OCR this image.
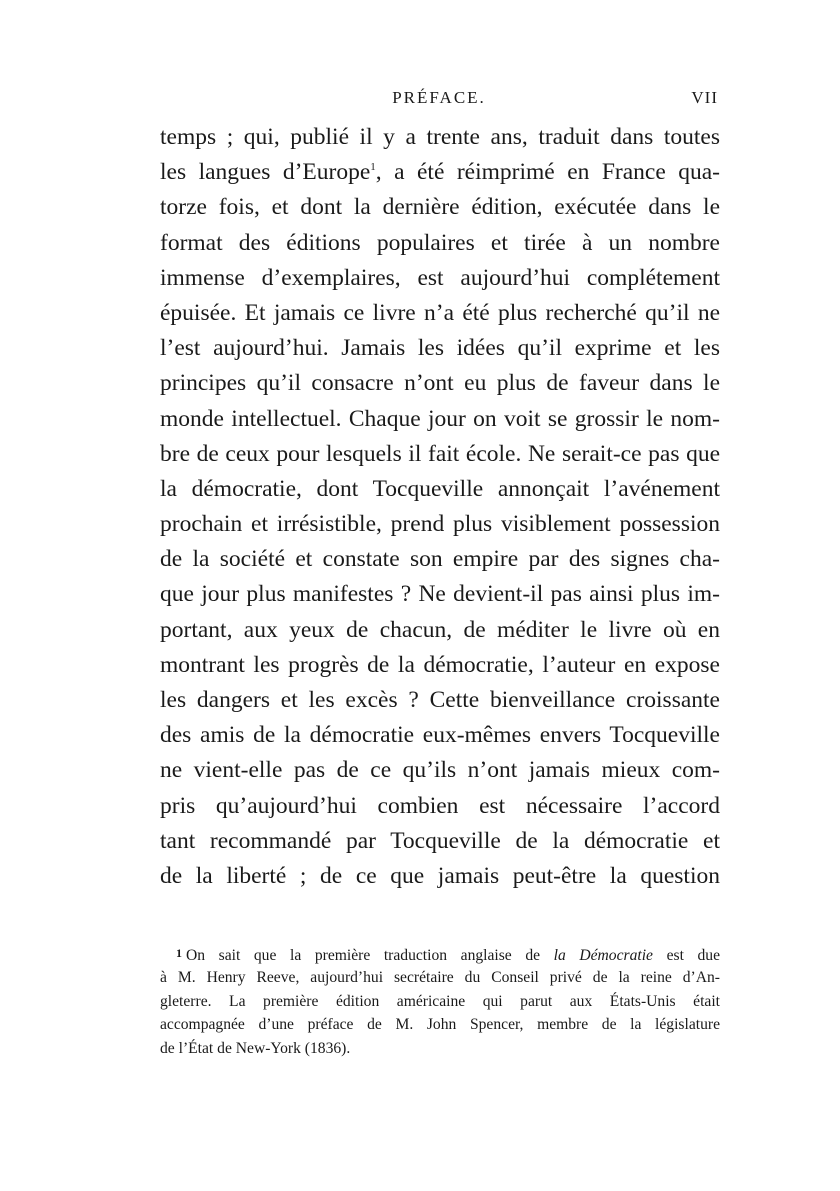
PRÉFACE.	VII
temps ; qui, publié il y a trente ans, traduit dans toutes
les langues d’Europe$^1$, a été réimprimé en France qua-
torze fois, et dont la dernière édition, exécutée dans le
format des éditions populaires et tirée à un nombre
immense d’exemplaires, est aujourd’hui complétement
épuisée. Et jamais ce livre n’a été plus recherché qu’il ne
l’est aujourd’hui. Jamais les idées qu’il exprime et les
principes qu’il consacre n’ont eu plus de faveur dans le
monde intellectuel. Chaque jour on voit se grossir le nom-
bre de ceux pour lesquels il fait école. Ne serait-ce pas que
la démocratie, dont Tocqueville annonçait l’avénement
prochain et irrésistible, prend plus visiblement possession
de la société et constate son empire par des signes cha-
que jour plus manifestes ? Ne devient-il pas ainsi plus im-
portant, aux yeux de chacun, de méditer le livre où en
montrant les progrès de la démocratie, l’auteur en expose
les dangers et les excès ? Cette bienveillance croissante
des amis de la démocratie eux-mêmes envers Tocqueville
ne vient-elle pas de ce qu’ils n’ont jamais mieux com-
pris qu’aujourd’hui combien est nécessaire l’accord
tant recommandé par Tocqueville de la démocratie et
de la liberté ; de ce que jamais peut-être la question
1 On sait que la première traduction anglaise de la Démocratie est due
à M. Henry Reeve, aujourd’hui secrétaire du Conseil privé de la reine d’An-
gleterre. La première édition américaine qui parut aux États-Unis était
accompagnée d’une préface de M. John Spencer, membre de la législature
de l’État de New-York (1836).
